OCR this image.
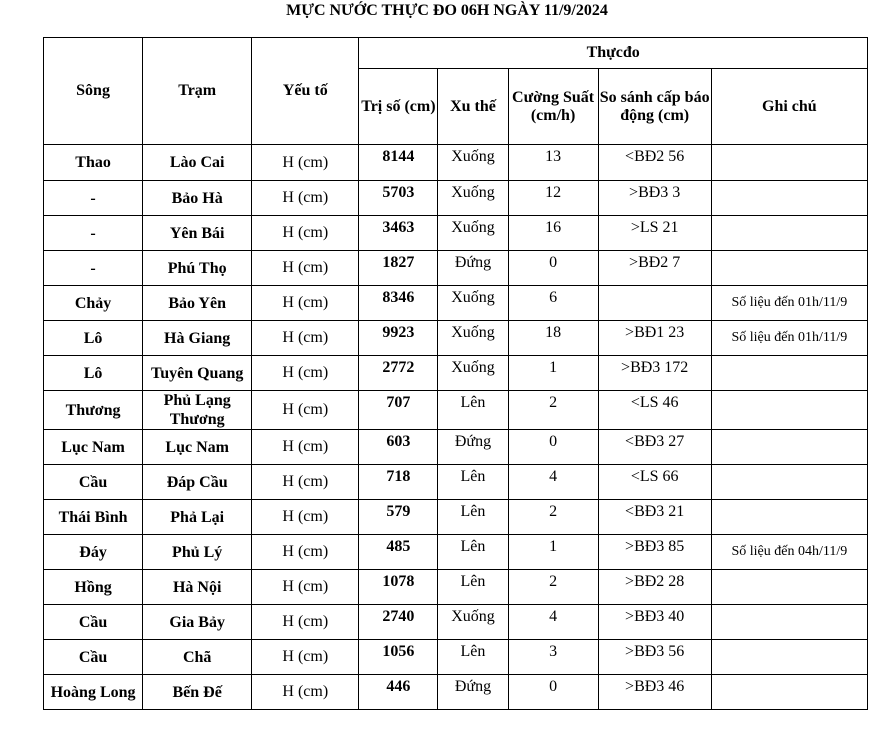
MỰC NƯỚC THỰC ĐO 06H NGÀY 11/9/2024
Sông	Trạm	Yếu tố	Thựcđo				
			Trị số (cm)	Xu thế	Cường Suất (cm/h)	So sánh cấp báo động (cm)	Ghi chú
Thao	Lào Cai	H (cm)	8144	Xuống	13	<BĐ2 56	
-	Bảo Hà	H (cm)	5703	Xuống	12	>BĐ3 3	
-	Yên Bái	H (cm)	3463	Xuống	16	>LS 21	
-	Phú Thọ	H (cm)	1827	Đứng	0	>BĐ2 7	
Chảy	Bảo Yên	H (cm)	8346	Xuống	6		Số liệu đến 01h/11/9
Lô	Hà Giang	H (cm)	9923	Xuống	18	>BĐ1 23	Số liệu đến 01h/11/9
Lô	Tuyên Quang	H (cm)	2772	Xuống	1	>BĐ3 172	
Thương	Phủ Lạng Thương	H (cm)	707	Lên	2	<LS 46	
Lục Nam	Lục Nam	H (cm)	603	Đứng	0	<BĐ3 27	
Cầu	Đáp Cầu	H (cm)	718	Lên	4	<LS 66	
Thái Bình	Phả Lại	H (cm)	579	Lên	2	<BĐ3 21	
Đáy	Phủ Lý	H (cm)	485	Lên	1	>BĐ3 85	Số liệu đến 04h/11/9
Hồng	Hà Nội	H (cm)	1078	Lên	2	>BĐ2 28	
Cầu	Gia Bảy	H (cm)	2740	Xuống	4	>BĐ3 40	
Cầu	Chã	H (cm)	1056	Lên	3	>BĐ3 56	
Hoàng Long	Bến Đế	H (cm)	446	Đứng	0	>BĐ3 46	
